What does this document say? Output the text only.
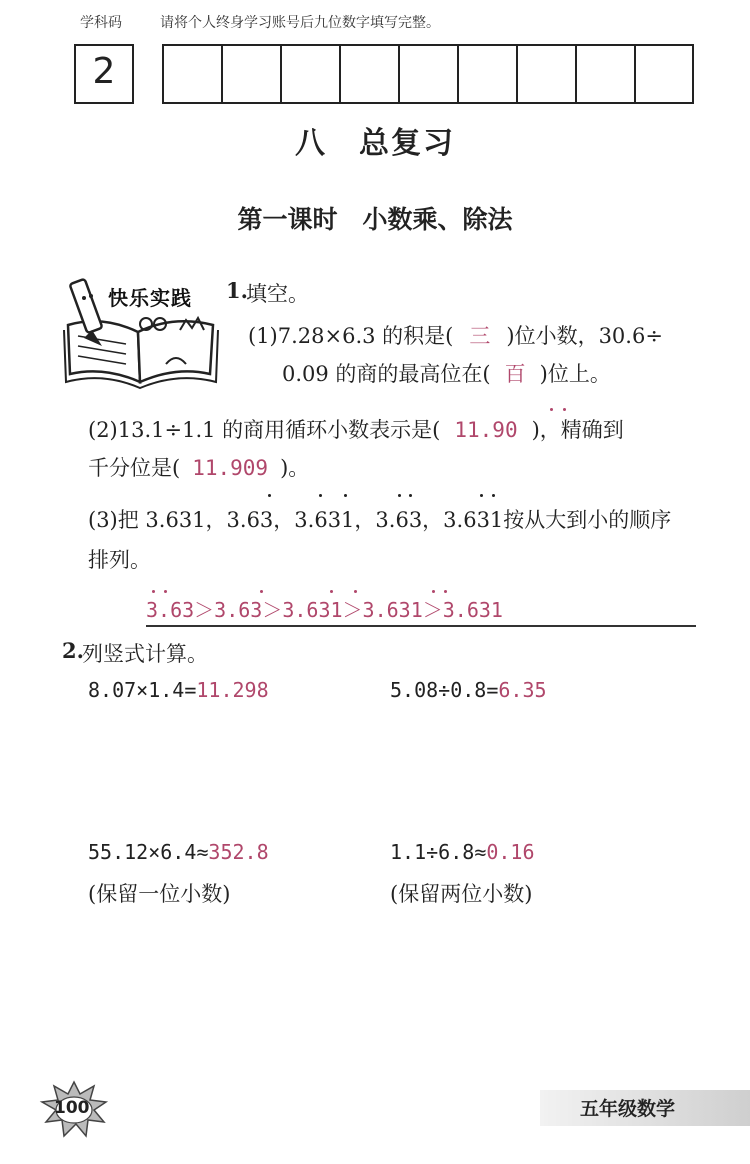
学科码	请将个人终身学习账号后九位数字填写完整。
2
八　总复习
第一课时　小数乘、除法
快乐实践 1.
填空。
(1)7.28×6.3 的积是( 三 )位小数，30.6÷
0.09 的商的最高位在( 百 )位上。
(2)13.1÷1.1 的商用循环小数表示是( 11.90 )，精确到
千分位是( 11.909 )。
(3)把 3.631，3.63，3.631，3.63，3.631按从大到小的顺序
排列。
3.63＞3.63＞3.631＞3.631＞3.631
2.
列竖式计算。
8.07×1.4=11.298	5.08÷0.8=6.35
55.12×6.4≈352.8	1.1÷6.8≈0.16
(保留一位小数)	(保留两位小数)
100	五年级数学
